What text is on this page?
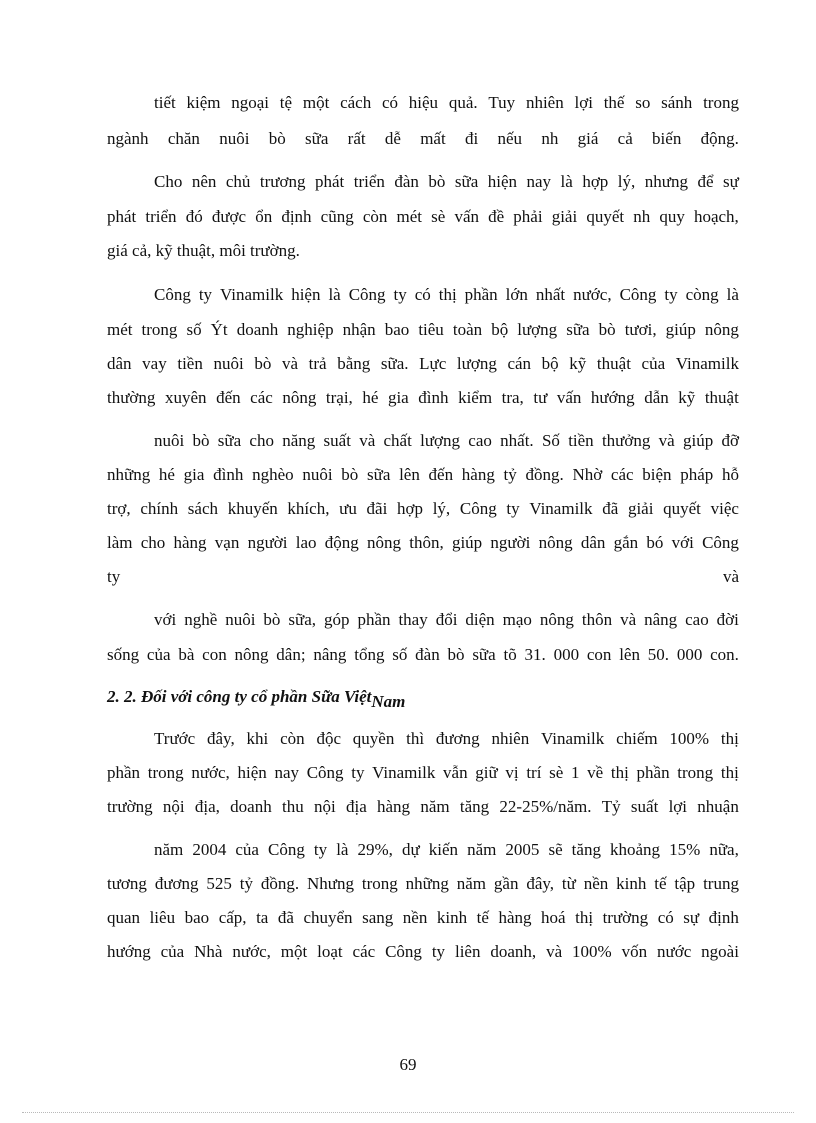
tiết kiệm ngoại tệ một cách có hiệu quả. Tuy nhiên lợi thế so sánh trong
ngành chăn nuôi bò sữa rất dễ mất đi nếu nh giá cả biến động.
Cho nên chủ trương phát triển đàn bò sữa hiện nay là hợp lý, nhưng để sự
phát triển đó được ổn định cũng còn mét sè vấn đề phải giải quyết nh quy hoạch,
giá cả, kỹ thuật, môi trường.
Công ty Vinamilk hiện là Công ty có thị phần lớn nhất nước, Công ty còng là
mét trong số Ýt doanh nghiệp nhận bao tiêu toàn bộ lượng sữa bò tươi, giúp nông
dân vay tiền nuôi bò và trả bằng sữa. Lực lượng cán bộ kỹ thuật của Vinamilk
thường xuyên đến các nông trại, hé gia đình kiểm tra, tư vấn hướng dẫn kỹ thuật
nuôi bò sữa cho năng suất và chất lượng cao nhất. Số tiền thưởng và giúp đỡ
những hé gia đình nghèo nuôi bò sữa lên đến hàng tỷ đồng. Nhờ các biện pháp hỗ
trợ, chính sách khuyến khích, ưu đãi hợp lý, Công ty Vinamilk đã giải quyết việc
làm cho hàng vạn người lao động nông thôn, giúp người nông dân gắn bó với Công
ty	và
với nghề nuôi bò sữa, góp phần thay đổi diện mạo nông thôn và nâng cao đời
sống của bà con nông dân; nâng tổng số đàn bò sữa tõ 31. 000 con lên 50. 000 con.
2. 2. Đối với công ty cổ phần Sữa ViệtNam
Trước đây, khi còn độc quyền thì đương nhiên Vinamilk chiếm 100% thị
phần trong nước, hiện nay Công ty Vinamilk vẫn giữ vị trí sè 1 về thị phần trong thị
trường nội địa, doanh thu nội địa hàng năm tăng 22-25%/năm. Tỷ suất lợi nhuận
năm 2004 của Công ty là 29%, dự kiến năm 2005 sẽ tăng khoảng 15% nữa,
tương đương 525 tỷ đồng. Nhưng trong những năm gần đây, từ nền kinh tế tập trung
quan liêu bao cấp, ta đã chuyển sang nền kinh tế hàng hoá thị trường có sự định
hướng của Nhà nước, một loạt các Công ty liên doanh, và 100% vốn nước ngoài
69
